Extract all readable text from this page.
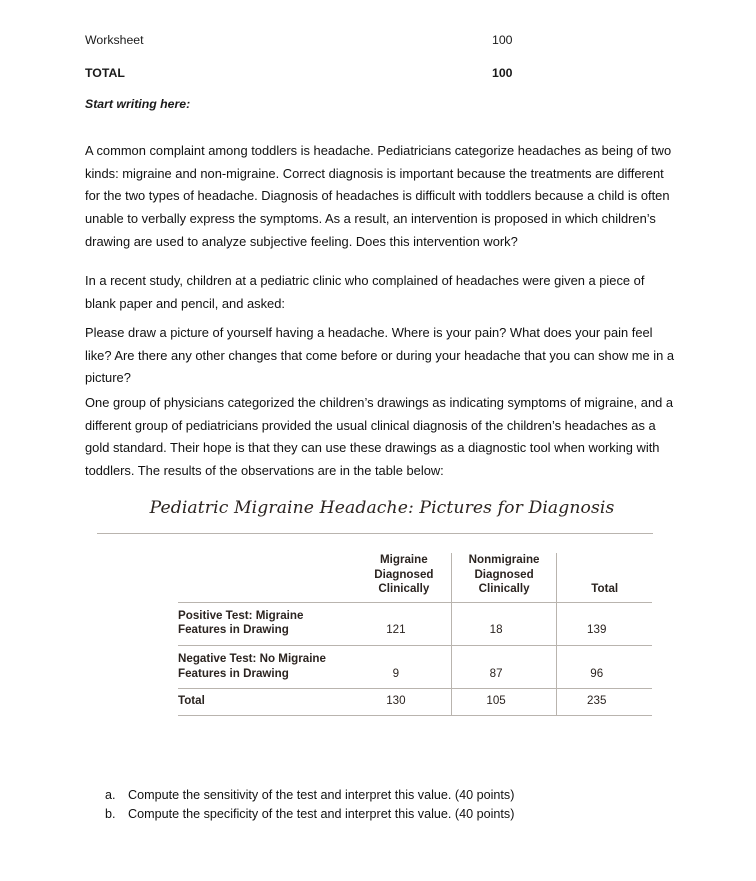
Worksheet	100
TOTAL	100
Start writing here:
A common complaint among toddlers is headache. Pediatricians categorize headaches as being of two kinds: migraine and non-migraine. Correct diagnosis is important because the treatments are different for the two types of headache. Diagnosis of headaches is difficult with toddlers because a child is often unable to verbally express the symptoms. As a result, an intervention is proposed in which children’s drawing are used to analyze subjective feeling. Does this intervention work?
In a recent study, children at a pediatric clinic who complained of headaches were given a piece of blank paper and pencil, and asked:
Please draw a picture of yourself having a headache. Where is your pain? What does your pain feel like? Are there any other changes that come before or during your headache that you can show me in a picture?
One group of physicians categorized the children’s drawings as indicating symptoms of migraine, and a different group of pediatricians provided the usual clinical diagnosis of the children’s headaches as a gold standard. Their hope is that they can use these drawings as a diagnostic tool when working with toddlers. The results of the observations are in the table below:
Pediatric Migraine Headache: Pictures for Diagnosis
	Migraine
Diagnosed
Clinically	Nonmigraine
Diagnosed
Clinically	Total
Positive Test: Migraine
Features in Drawing	121	18	139
Negative Test: No Migraine
Features in Drawing	9	87	96
Total	130	105	235
a. Compute the sensitivity of the test and interpret this value. (40 points)
b. Compute the specificity of the test and interpret this value. (40 points)
